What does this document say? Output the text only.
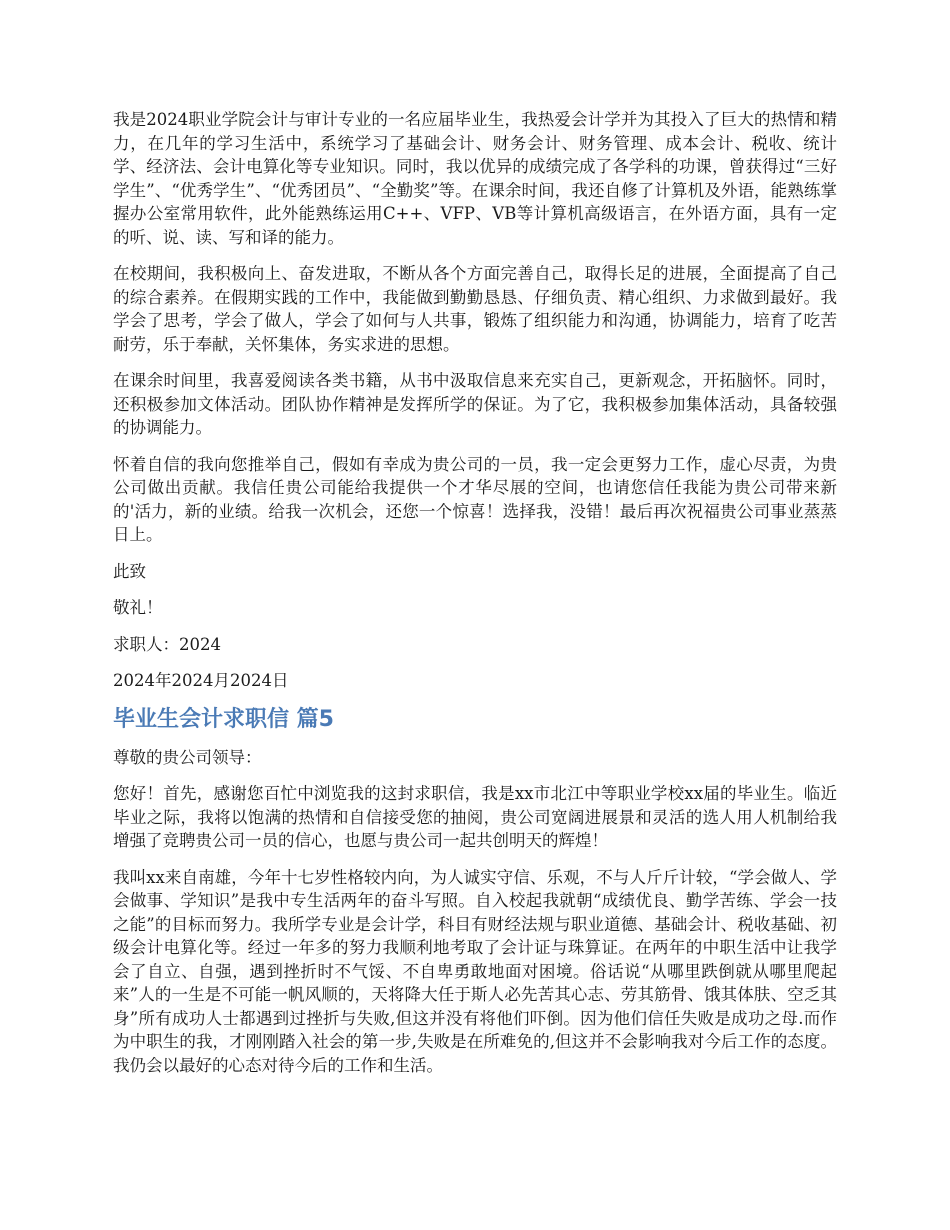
我是2024职业学院会计与审计专业的一名应届毕业生，我热爱会计学并为其投入了巨大的热情和精力，在几年的学习生活中，系统学习了基础会计、财务会计、财务管理、成本会计、税收、统计学、经济法、会计电算化等专业知识。同时，我以优异的成绩完成了各学科的功课，曾获得过“三好学生”、“优秀学生”、“优秀团员”、“全勤奖”等。在课余时间，我还自修了计算机及外语，能熟练掌握办公室常用软件，此外能熟练运用C++、VFP、VB等计算机高级语言，在外语方面，具有一定的听、说、读、写和译的能力。

在校期间，我积极向上、奋发进取，不断从各个方面完善自己，取得长足的进展，全面提高了自己的综合素养。在假期实践的工作中，我能做到勤勤恳恳、仔细负责、精心组织、力求做到最好。我学会了思考，学会了做人，学会了如何与人共事，锻炼了组织能力和沟通，协调能力，培育了吃苦耐劳，乐于奉献，关怀集体，务实求进的思想。

在课余时间里，我喜爱阅读各类书籍，从书中汲取信息来充实自己，更新观念，开拓脑怀。同时，还积极参加文体活动。团队协作精神是发挥所学的保证。为了它，我积极参加集体活动，具备较强的协调能力。

怀着自信的我向您推举自己，假如有幸成为贵公司的一员，我一定会更努力工作，虚心尽责，为贵公司做出贡献。我信任贵公司能给我提供一个才华尽展的空间，也请您信任我能为贵公司带来新的'活力，新的业绩。给我一次机会，还您一个惊喜！选择我，没错！最后再次祝福贵公司事业蒸蒸日上。

此致

敬礼！

求职人：2024

2024年2024月2024日

毕业生会计求职信 篇5

尊敬的贵公司领导：

您好！首先，感谢您百忙中浏览我的这封求职信，我是xx市北江中等职业学校xx届的毕业生。临近毕业之际，我将以饱满的热情和自信接受您的抽阅，贵公司宽阔进展景和灵活的选人用人机制给我增强了竞聘贵公司一员的信心，也愿与贵公司一起共创明天的辉煌！

我叫xx来自南雄，今年十七岁性格较内向，为人诚实守信、乐观，不与人斤斤计较，“学会做人、学会做事、学知识”是我中专生活两年的奋斗写照。自入校起我就朝“成绩优良、勤学苦练、学会一技之能”的目标而努力。我所学专业是会计学，科目有财经法规与职业道德、基础会计、税收基础、初级会计电算化等。经过一年多的努力我顺利地考取了会计证与珠算证。在两年的中职生活中让我学会了自立、自强，遇到挫折时不气馁、不自卑勇敢地面对困境。俗话说“从哪里跌倒就从哪里爬起来”人的一生是不可能一帆风顺的，天将降大任于斯人必先苦其心志、劳其筋骨、饿其体肤、空乏其身”所有成功人士都遇到过挫折与失败,但这并没有将他们吓倒。因为他们信任失败是成功之母.而作为中职生的我，才刚刚踏入社会的第一步,失败是在所难免的,但这并不会影响我对今后工作的态度。我仍会以最好的心态对待今后的工作和生活。
